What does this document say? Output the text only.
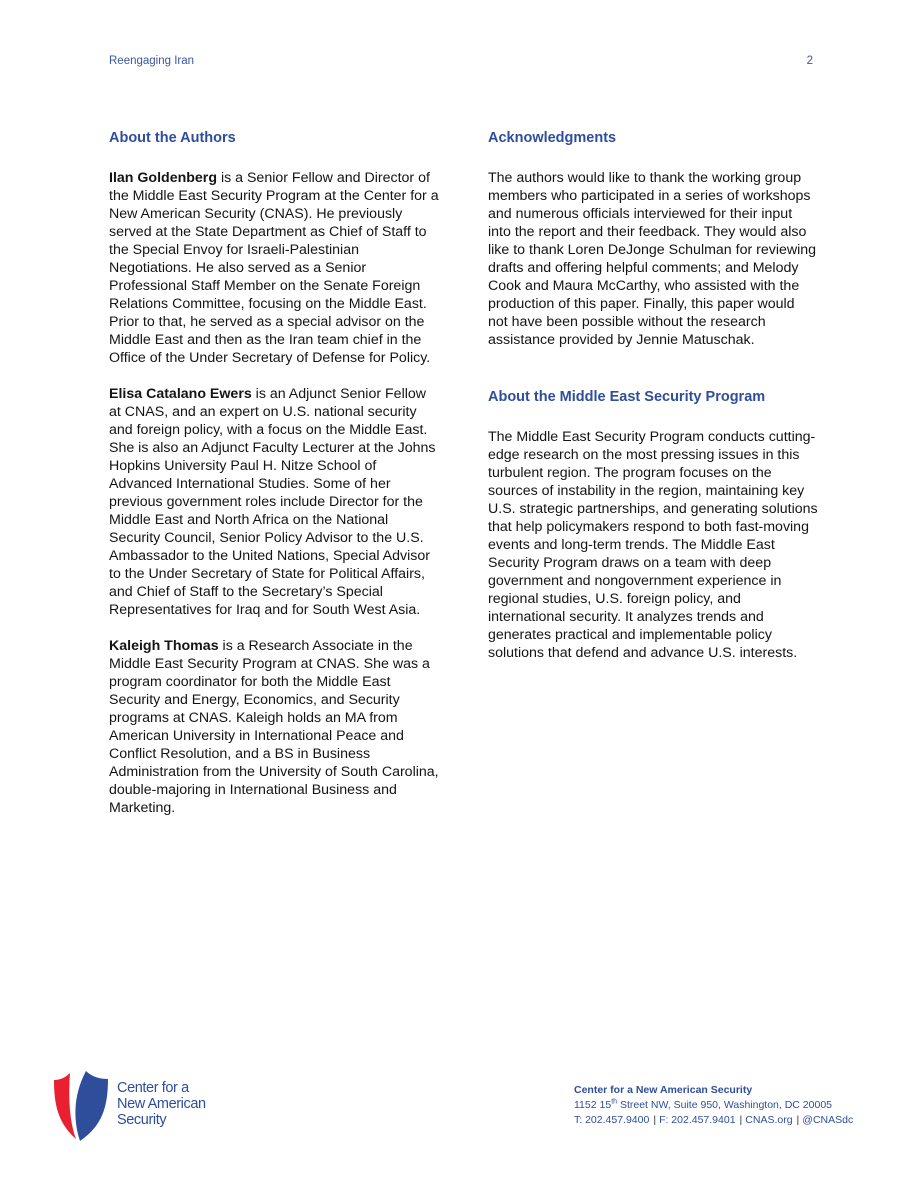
Reengaging Iran	2
About the Authors

Ilan Goldenberg is a Senior Fellow and Director of the Middle East Security Program at the Center for a New American Security (CNAS). He previously served at the State Department as Chief of Staff to the Special Envoy for Israeli-Palestinian Negotiations. He also served as a Senior Professional Staff Member on the Senate Foreign Relations Committee, focusing on the Middle East. Prior to that, he served as a special advisor on the Middle East and then as the Iran team chief in the Office of the Under Secretary of Defense for Policy.

Elisa Catalano Ewers is an Adjunct Senior Fellow at CNAS, and an expert on U.S. national security and foreign policy, with a focus on the Middle East. She is also an Adjunct Faculty Lecturer at the Johns Hopkins University Paul H. Nitze School of Advanced International Studies. Some of her previous government roles include Director for the Middle East and North Africa on the National Security Council, Senior Policy Advisor to the U.S. Ambassador to the United Nations, Special Advisor to the Under Secretary of State for Political Affairs, and Chief of Staff to the Secretary’s Special Representatives for Iraq and for South West Asia.

Kaleigh Thomas is a Research Associate in the Middle East Security Program at CNAS. She was a program coordinator for both the Middle East Security and Energy, Economics, and Security programs at CNAS. Kaleigh holds an MA from American University in International Peace and Conflict Resolution, and a BS in Business Administration from the University of South Carolina, double-majoring in International Business and Marketing.

Acknowledgments

The authors would like to thank the working group members who participated in a series of workshops and numerous officials interviewed for their input into the report and their feedback. They would also like to thank Loren DeJonge Schulman for reviewing drafts and offering helpful comments; and Melody Cook and Maura McCarthy, who assisted with the production of this paper. Finally, this paper would not have been possible without the research assistance provided by Jennie Matuschak.

About the Middle East Security Program

The Middle East Security Program conducts cutting-edge research on the most pressing issues in this turbulent region. The program focuses on the sources of instability in the region, maintaining key U.S. strategic partnerships, and generating solutions that help policymakers respond to both fast-moving events and long-term trends. The Middle East Security Program draws on a team with deep government and nongovernment experience in regional studies, U.S. foreign policy, and international security. It analyzes trends and generates practical and implementable policy solutions that defend and advance U.S. interests.

Center for a
New American
Security
Center for a New American Security
1152 15th Street NW, Suite 950, Washington, DC 20005
T: 202.457.9400 | F: 202.457.9401 | CNAS.org | @CNASdc
